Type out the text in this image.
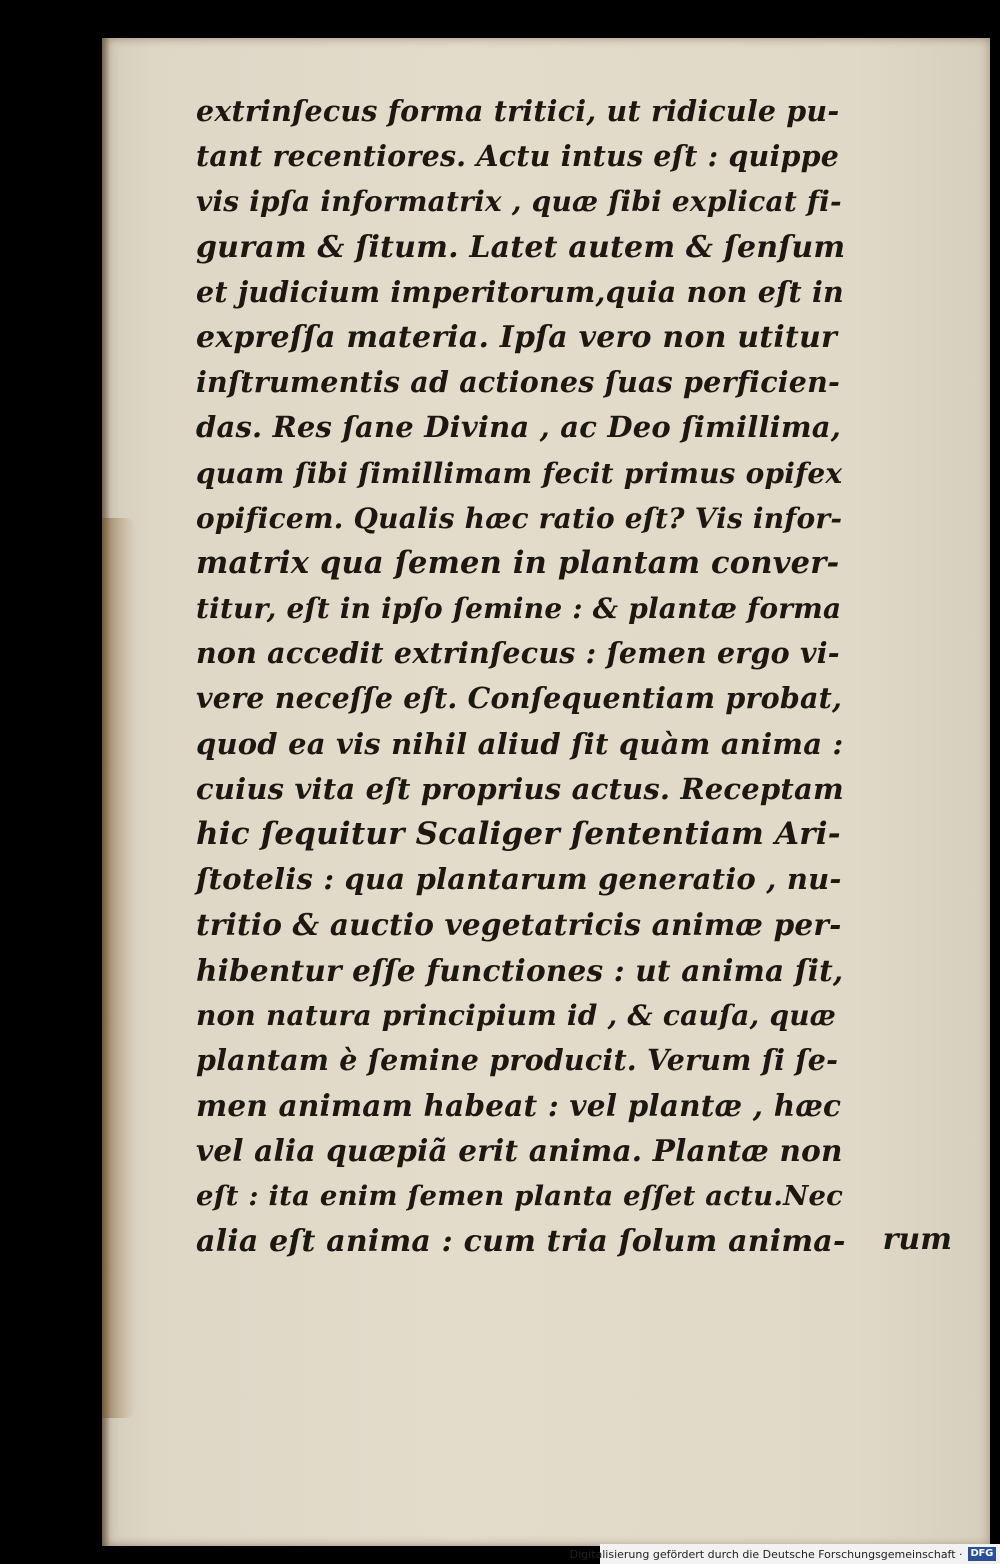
extrinſecus forma tritici, ut ridicule pu-
tant recentiores. Actu intus eſt : quippe
vis ipſa informatrix , quæ ſibi explicat fi-
guram & ſitum. Latet autem & ſenſum
et judicium imperitorum,quia non eſt in
expreſſa materia. Ipſa vero non utitur
inſtrumentis ad actiones ſuas perficien-
das. Res ſane Divina , ac Deo ſimillima,
quam ſibi ſimillimam fecit primus opifex
opificem. Qualis hæc ratio eſt? Vis infor-
matrix qua ſemen in plantam conver-
titur, eſt in ipſo ſemine : & plantæ forma
non accedit extrinſecus : ſemen ergo vi-
vere neceſſe eſt. Conſequentiam probat,
quod ea vis nihil aliud ſit quàm anima :
cuius vita eſt proprius actus. Receptam
hic ſequitur Scaliger ſententiam Ari-
ſtotelis : qua plantarum generatio , nu-
tritio & auctio vegetatricis animæ per-
hibentur eſſe functiones : ut anima ſit,
non natura principium id , & cauſa, quæ
plantam è ſemine producit. Verum ſi ſe-
men animam habeat : vel plantæ , hæc
vel alia quæpiã erit anima. Plantæ non
eſt : ita enim ſemen planta eſſet actu.Nec
alia eſt anima : cum tria ſolum anima- rum
Digitalisierung gefördert durch die Deutsche Forschungsgemeinschaft · DFG
